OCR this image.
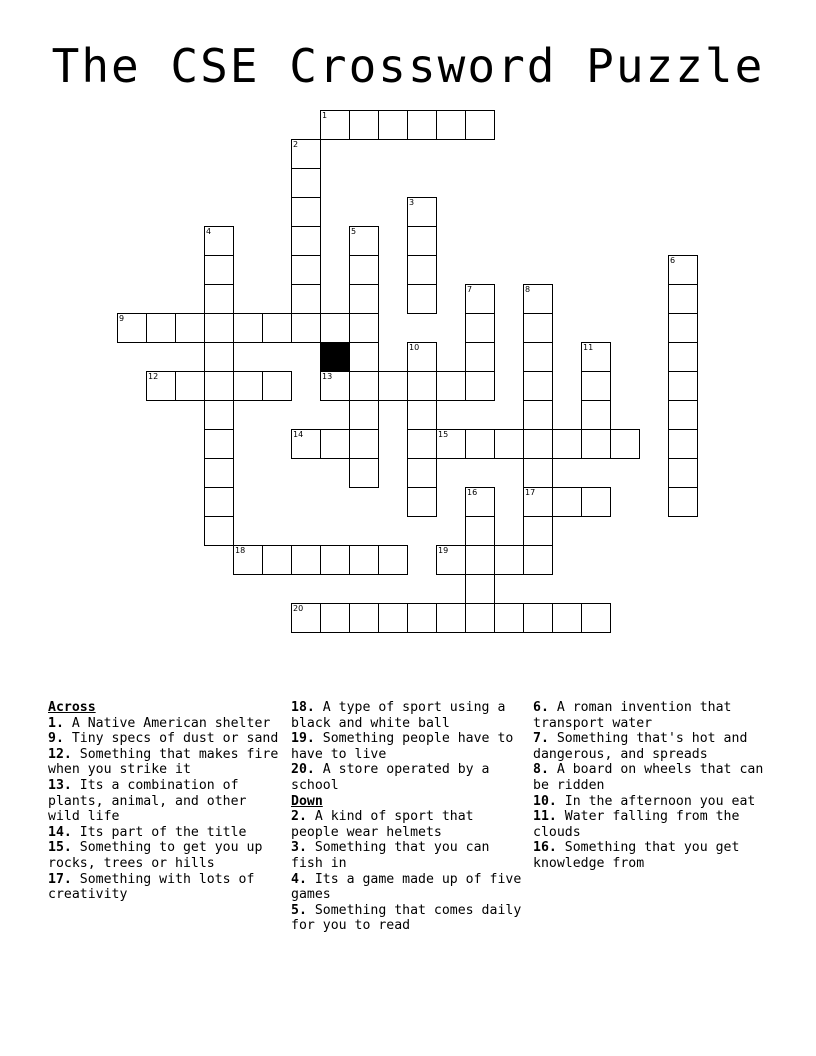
The CSE Crossword Puzzle
1
2
3
4	5
6
7	8
9
10	11
12	13
14	15
16	17
18	19
20

Across

1. A Native American shelter

9. Tiny specs of dust or sand

12. Something that makes fire when you strike it

13. Its a combination of plants, animal, and other wild life

14. Its part of the title

15. Something to get you up rocks, trees or hills

17. Something with lots of creativity

18. A type of sport using a black and white ball

19. Something people have to have to live

20. A store operated by a school

Down

2. A kind of sport that people wear helmets

3. Something that you can fish in

4. Its a game made up of five games

5. Something that comes daily for you to read

6. A roman invention that transport water

7. Something that's hot and dangerous, and spreads

8. A board on wheels that can be ridden

10. In the afternoon you eat

11. Water falling from the clouds

16. Something that you get knowledge from
